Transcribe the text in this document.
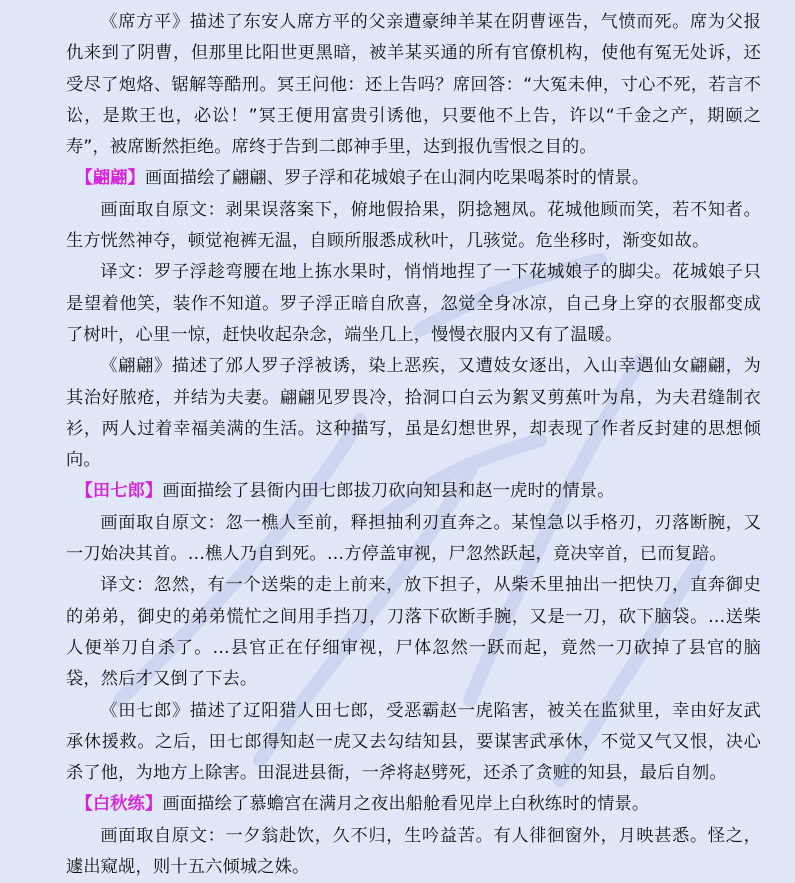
《席方平》描述了东安人席方平的父亲遭豪绅羊某在阴曹诬告，气愤而死。席为父报仇来到了阴曹，但那里比阳世更黑暗，被羊某买通的所有官僚机构，使他有冤无处诉，还受尽了炮烙、锯解等酷刑。冥王问他：还上告吗？席回答：“大冤未伸，寸心不死，若言不讼，是欺王也，必讼！”冥王便用富贵引诱他，只要他不上告，许以“千金之产，期颐之寿”，被席断然拒绝。席终于告到二郎神手里，达到报仇雪恨之目的。

【翩翩】画面描绘了翩翩、罗子浮和花城娘子在山洞内吃果喝茶时的情景。

画面取自原文：剥果误落案下，俯地假拾果，阴捻翘凤。花城他顾而笑，若不知者。生方恍然神夺，顿觉袍裤无温，自顾所服悉成秋叶，几骇觉。危坐移时，渐变如故。

译文：罗子浮趁弯腰在地上拣水果时，悄悄地捏了一下花城娘子的脚尖。花城娘子只是望着他笑，装作不知道。罗子浮正暗自欣喜，忽觉全身冰凉，自己身上穿的衣服都变成了树叶，心里一惊，赶快收起杂念，端坐几上，慢慢衣服内又有了温暖。

《翩翩》描述了邠人罗子浮被诱，染上恶疾，又遭妓女逐出，入山幸遇仙女翩翩，为其治好脓疮，并结为夫妻。翩翩见罗畏冷，拾洞口白云为絮叉剪蕉叶为帛，为夫君缝制衣衫，两人过着幸福美满的生活。这种描写，虽是幻想世界，却表现了作者反封建的思想倾向。

【田七郎】画面描绘了县衙内田七郎拔刀砍向知县和赵一虎时的情景。

画面取自原文：忽一樵人至前，释担抽利刃直奔之。某惶急以手格刃，刃落断腕，又一刀始决其首。…樵人乃自到死。…方停盖审视，尸忽然跃起，竟决宰首，已而复踣。

译文：忽然，有一个送柴的走上前来，放下担子，从柴禾里抽出一把快刀，直奔御史的弟弟，御史的弟弟慌忙之间用手挡刀，刀落下砍断手腕，又是一刀，砍下脑袋。…送柴人便举刀自杀了。…县官正在仔细审视，尸体忽然一跃而起，竟然一刀砍掉了县官的脑袋，然后才又倒了下去。

《田七郎》描述了辽阳猎人田七郎，受恶霸赵一虎陷害，被关在监狱里，幸由好友武承休援救。之后，田七郎得知赵一虎又去勾结知县，要谋害武承休，不觉又气又恨，决心杀了他，为地方上除害。田混进县衙，一斧将赵劈死，还杀了贪赃的知县，最后自刎。

【白秋练】画面描绘了慕蟾宫在满月之夜出船舱看见岸上白秋练时的情景。

画面取自原文：一夕翁赴饮，久不归，生吟益苦。有人徘徊窗外，月映甚悉。怪之，遽出窥觇，则十五六倾城之姝。
